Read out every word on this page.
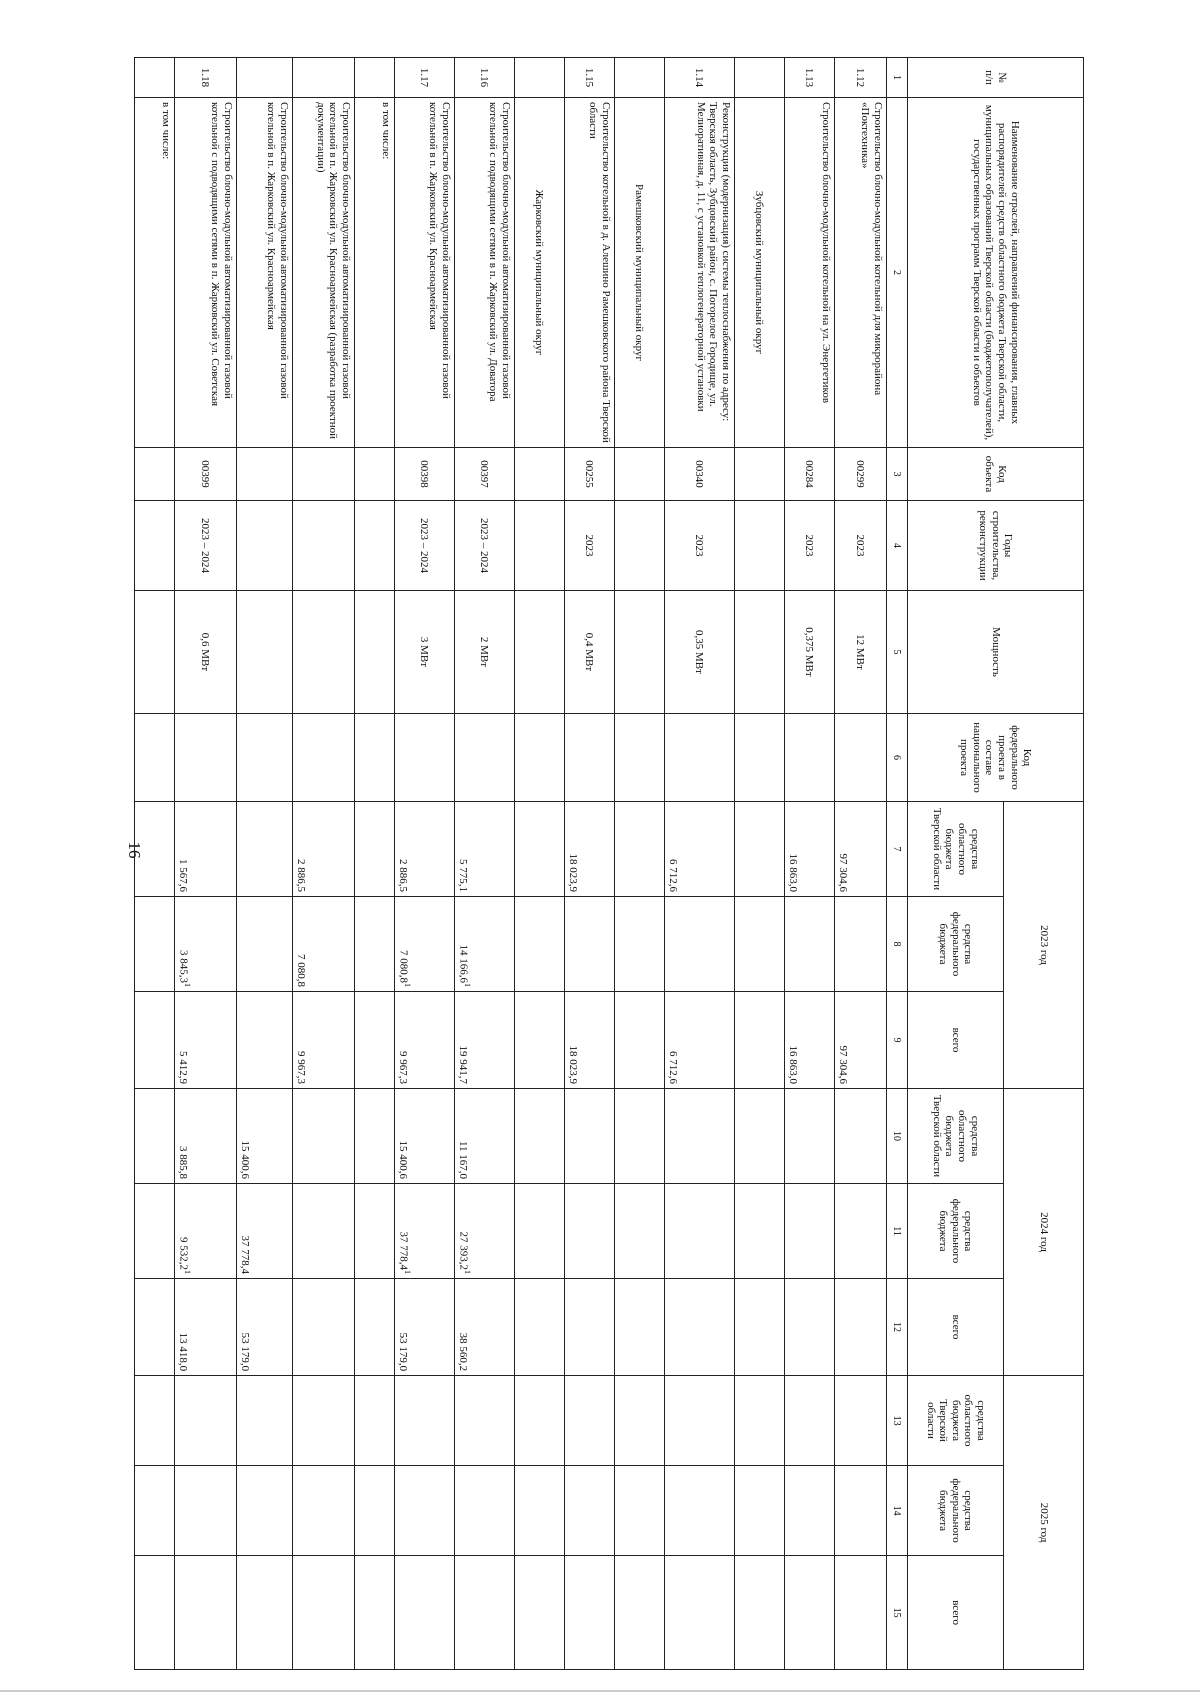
16
№
п/п	Наименование отраслей, направлений финансирования, главных распорядителей средств областного бюджета Тверской области, муниципальных образований Тверской области (бюджетополучателей), государственных программ Тверской области и объектов	Код объекта	Годы строительства, реконструкции	Мощность	Код федерального проекта в составе национального проекта	2023 год			2024 год			2025 год		
						средства областного бюджета Тверской области	средства федерального бюджета	всего	средства областного бюджета Тверской области	средства федерального бюджета	всего	средства областного бюджета Тверской области	средства федерального бюджета	всего
1	2	3	4	5	6	7	8	9	10	11	12	13	14	15
1.12	Строительство блочно-модульной котельной для микрорайона «Поктехника»	00299	2023	12 МВт		97 304,6		97 304,6						
1.13	Строительство блочно-модульной котельной на ул. Энергетиков	00284	2023	0,375 МВт		16 863,0		16 863,0						
	Зубцовский муниципальный округ													
1.14	Реконструкция (модернизация) системы теплоснабжения по адресу: Тверская область, Зубцовский район, с. Погорелое Городище, ул. Мелиоративная, д. 11, с установкой теплогенераторной установки	00340	2023	0,35 МВт		6 712,6		6 712,6						
	Рамешковский муниципальный округ													
1.15	Строительство котельной в д. Алешино Рамешковского района Тверской области	00255	2023	0,4 МВт		18 023,9		18 023,9						
	Жарковский муниципальный округ													
1.16	Строительство блочно-модульной автоматизированной газовой котельной с подводящими сетями в п. Жарковский ул. Доватора	00397	2023 – 2024	2 МВт		5 775,1	14 166,6$^1$	19 941,7	11 167,0	27 393,2$^1$	38 560,2			
1.17	Строительство блочно-модульной автоматизированной газовой котельной в п. Жарковский ул. Красноармейская	00398	2023 – 2024	3 МВт		2 886,5	7 080,8$^1$	9 967,3	15 400,6	37 778,4$^1$	53 179,0			
	в том числе:													
	Строительство блочно-модульной автоматизированной газовой котельной в п. Жарковский ул. Красноармейская (разработка проектной документации)					2 886,5	7 080,8	9 967,3						
	Строительство блочно-модульной автоматизированной газовой котельной в п. Жарковский ул. Красноармейская								15 400,6	37 778,4	53 179,0			
1.18	Строительство блочно-модульной автоматизированной газовой котельной с подводящими сетями в п. Жарковский ул. Советская	00399	2023 – 2024	0,6 МВт		1 567,6	3 845,3$^1$	5 412,9	3 885,8	9 532,2$^1$	13 418,0			
	в том числе:													
